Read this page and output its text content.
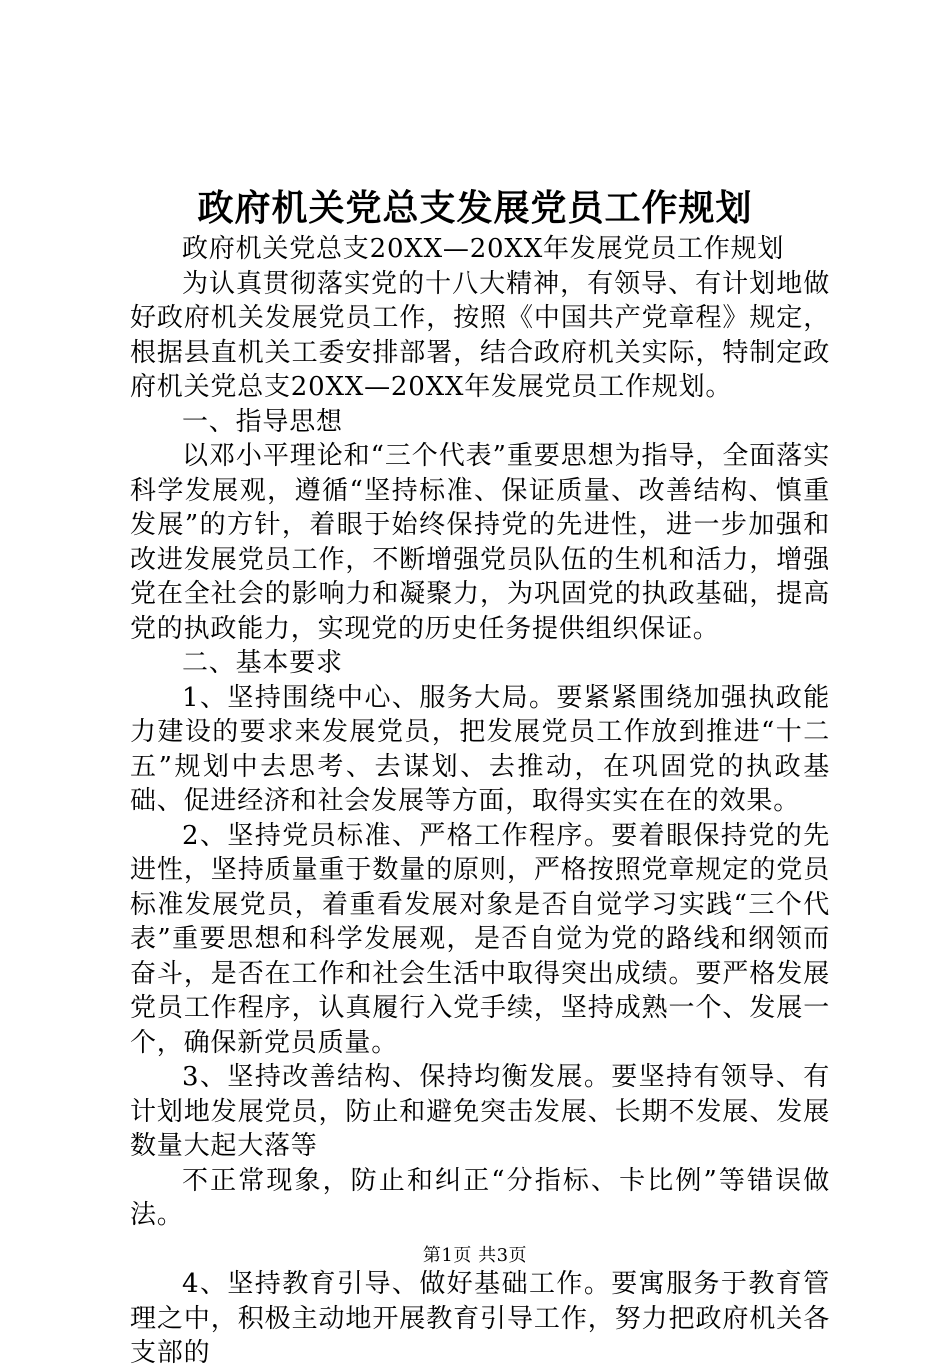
政府机关党总支发展党员工作规划

政府机关党总支20XX—20XX年发展党员工作规划

为认真贯彻落实党的十八大精神，有领导、有计划地做好政府机关发展党员工作，按照《中国共产党章程》规定，根据县直机关工委安排部署，结合政府机关实际，特制定政府机关党总支20XX—20XX年发展党员工作规划。

一、指导思想

以邓小平理论和“三个代表”重要思想为指导，全面落实科学发展观，遵循“坚持标准、保证质量、改善结构、慎重发展”的方针，着眼于始终保持党的先进性，进一步加强和改进发展党员工作，不断增强党员队伍的生机和活力，增强党在全社会的影响力和凝聚力，为巩固党的执政基础，提高党的执政能力，实现党的历史任务提供组织保证。

二、基本要求

1、坚持围绕中心、服务大局。要紧紧围绕加强执政能力建设的要求来发展党员，把发展党员工作放到推进“十二五”规划中去思考、去谋划、去推动，在巩固党的执政基础、促进经济和社会发展等方面，取得实实在在的效果。

2、坚持党员标准、严格工作程序。要着眼保持党的先进性，坚持质量重于数量的原则，严格按照党章规定的党员标准发展党员，着重看发展对象是否自觉学习实践“三个代表”重要思想和科学发展观，是否自觉为党的路线和纲领而奋斗，是否在工作和社会生活中取得突出成绩。要严格发展党员工作程序，认真履行入党手续，坚持成熟一个、发展一个，确保新党员质量。

3、坚持改善结构、保持均衡发展。要坚持有领导、有计划地发展党员，防止和避免突击发展、长期不发展、发展数量大起大落等

不正常现象，防止和纠正“分指标、卡比例”等错误做法。

4、坚持教育引导、做好基础工作。要寓服务于教育管理之中，积极主动地开展教育引导工作，努力把政府机关各支部的

第1页 共3页
